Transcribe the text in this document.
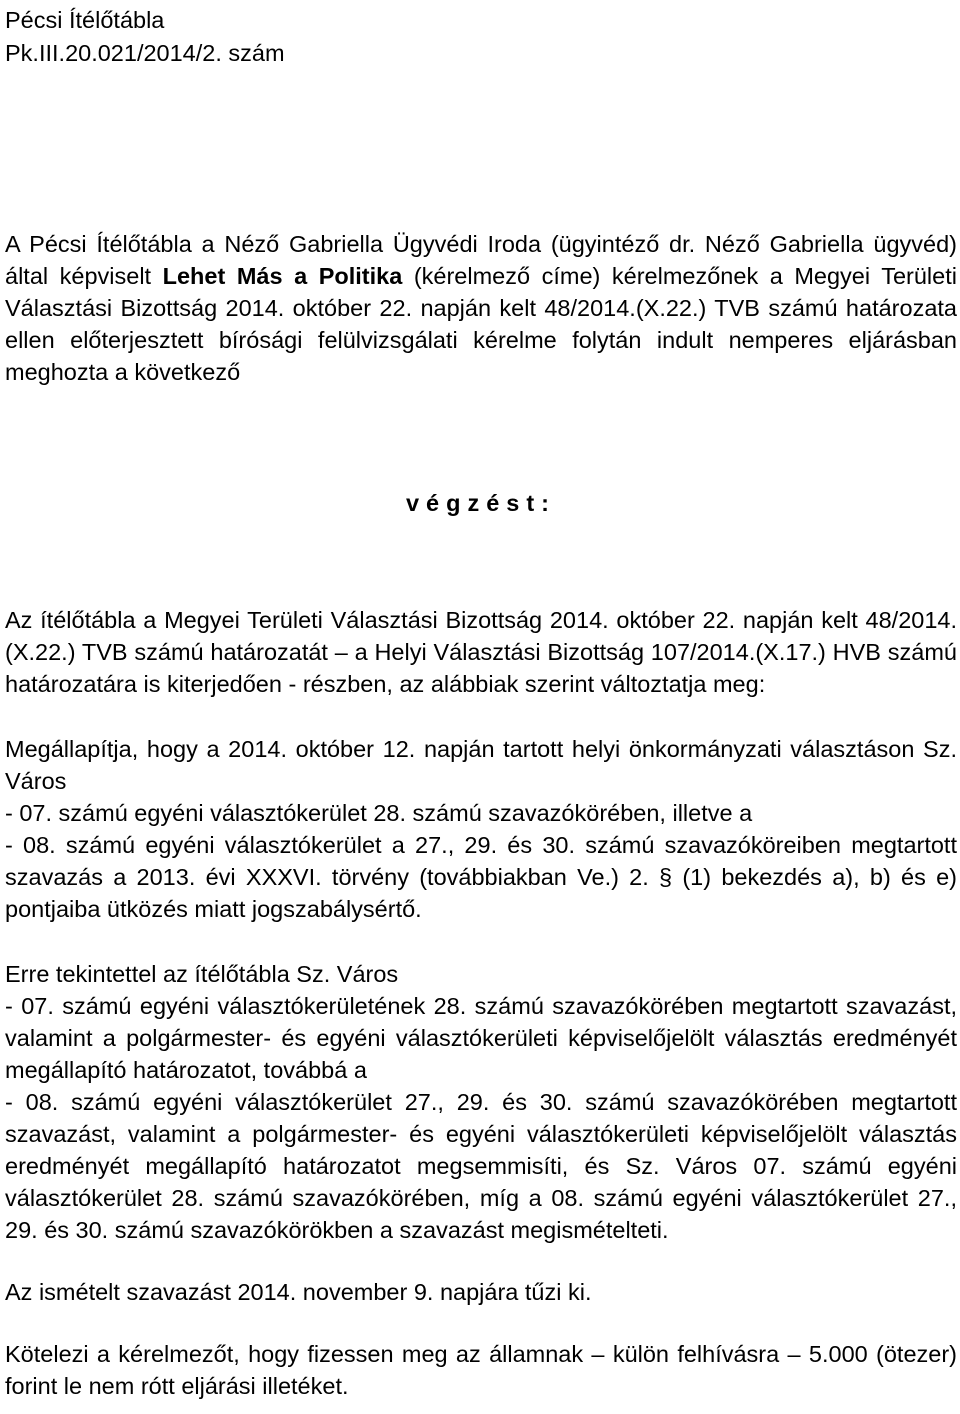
Pécsi Ítélőtábla

Pk.III.20.021/2014/2. szám

A Pécsi Ítélőtábla a Néző Gabriella Ügyvédi Iroda (ügyintéző dr. Néző Gabriella ügyvéd) által képviselt Lehet Más a Politika (kérelmező címe) kérelmezőnek a Megyei Területi Választási Bizottság 2014. október 22. napján kelt 48/2014.(X.22.) TVB számú határozata ellen előterjesztett bírósági felülvizsgálati kérelme folytán indult nemperes eljárásban meghozta a következő

végzést:

Az ítélőtábla a Megyei Területi Választási Bizottság 2014. október 22. napján kelt 48/2014.(X.22.) TVB számú határozatát – a Helyi Választási Bizottság 107/2014.(X.17.) HVB számú határozatára is kiterjedően - részben, az alábbiak szerint változtatja meg:

Megállapítja, hogy a 2014. október 12. napján tartott helyi önkormányzati választáson Sz. Város

- 07. számú egyéni választókerület 28. számú szavazókörében, illetve a

- 08. számú egyéni választókerület a 27., 29. és 30. számú szavazóköreiben megtartott szavazás a 2013. évi XXXVI. törvény (továbbiakban Ve.) 2. § (1) bekezdés a), b) és e) pontjaiba ütközés miatt jogszabálysértő.

Erre tekintettel az ítélőtábla Sz. Város

- 07. számú egyéni választókerületének 28. számú szavazókörében megtartott szavazást, valamint a polgármester- és egyéni választókerületi képviselőjelölt választás eredményét megállapító határozatot, továbbá a

- 08. számú egyéni választókerület 27., 29. és 30. számú szavazókörében megtartott szavazást, valamint a polgármester- és egyéni választókerületi képviselőjelölt választás eredményét megállapító határozatot megsemmisíti, és Sz. Város 07. számú egyéni választókerület 28. számú szavazókörében, míg a 08. számú egyéni választókerület 27., 29. és 30. számú szavazókörökben a szavazást megismételteti.

Az ismételt szavazást 2014. november 9. napjára tűzi ki.

Kötelezi a kérelmezőt, hogy fizessen meg az államnak – külön felhívásra – 5.000 (ötezer) forint le nem rótt eljárási illetéket.
